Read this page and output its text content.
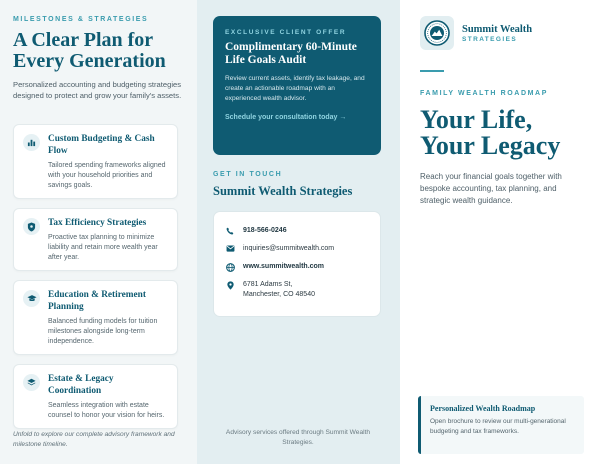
MILESTONES & STRATEGIES
A Clear Plan for
Every Generation

Personalized accounting and budgeting strategies designed to protect and grow your family's assets.

Custom Budgeting & Cash Flow
Tailored spending frameworks aligned with your household priorities and savings goals.
Tax Efficiency Strategies
Proactive tax planning to minimize liability and retain more wealth year after year.
Education & Retirement Planning
Balanced funding models for tuition milestones alongside long-term independence.
Estate & Legacy Coordination
Seamless integration with estate counsel to honor your vision for heirs.

Unfold to explore our complete advisory framework and milestone timeline.

EXCLUSIVE CLIENT OFFER
Complimentary 60-Minute Life Goals Audit

Review current assets, identify tax leakage, and create an actionable roadmap with an experienced wealth advisor.

Schedule your consultation today →
GET IN TOUCH
Summit Wealth Strategies
918-566-0246
inquiries@summitwealth.com
www.summitwealth.com
6781 Adams St,
Manchester, CO 48540

Advisory services offered through Summit Wealth Strategies.

Summit Wealth
STRATEGIES
FAMILY WEALTH ROADMAP
Your Life,
Your Legacy

Reach your financial goals together with bespoke accounting, tax planning, and strategic wealth guidance.

Personalized Wealth Roadmap
Open brochure to review our multi-generational budgeting and tax frameworks.
